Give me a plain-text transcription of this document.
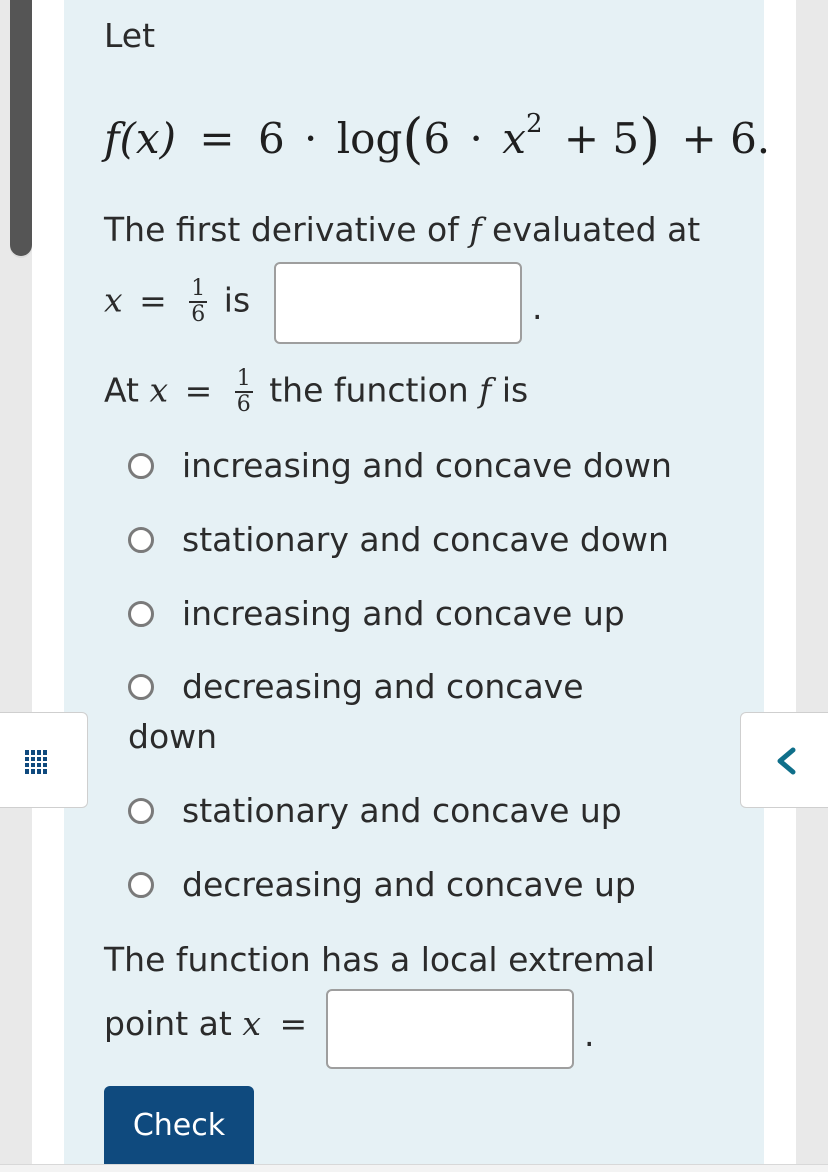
Let
$f(x) = 6 \cdot \log(6 \cdot x^2 + 5) + 6$.
The first derivative of f evaluated at
$x = \frac{1}{6}$ is	.
At $x = \frac{1}{6}$ the function f is
increasing and concave down
stationary and concave down
increasing and concave up
decreasing and concave
down
stationary and concave up
decreasing and concave up
The function has a local extremal
point at x =	.
Check
